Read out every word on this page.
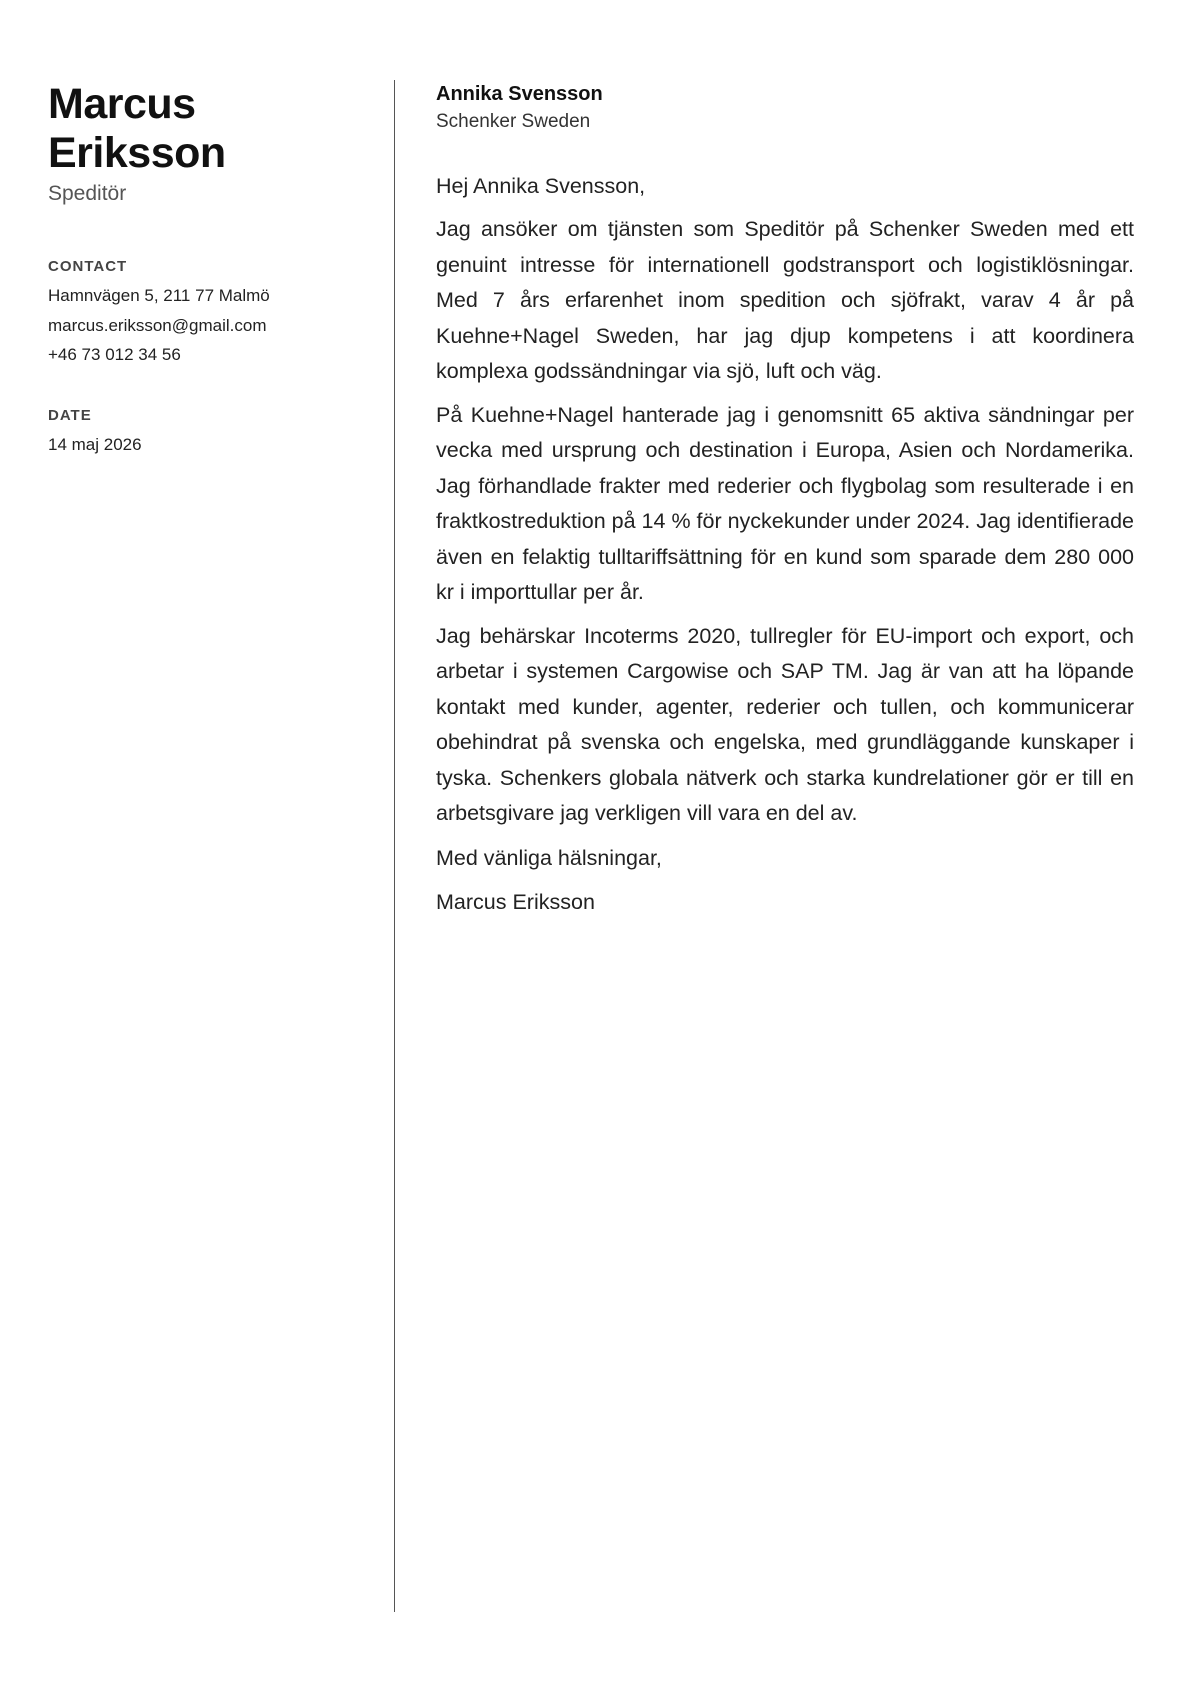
Marcus
Eriksson
Speditör
CONTACT
Hamnvägen 5, 211 77 Malmö
marcus.eriksson@gmail.com
+46 73 012 34 56
DATE
14 maj 2026
Annika Svensson
Schenker Sweden
Hej Annika Svensson,
Jag ansöker om tjänsten som Speditör på Schenker Sweden med ett genuint intresse för internationell godstransport och logistiklösningar. Med 7 års erfarenhet inom spedition och sjöfrakt, varav 4 år på Kuehne+Nagel Sweden, har jag djup kompetens i att koordinera komplexa godssändningar via sjö, luft och väg.
På Kuehne+Nagel hanterade jag i genomsnitt 65 aktiva sändningar per vecka med ursprung och destination i Europa, Asien och Nordamerika. Jag förhandlade frakter med rederier och flygbolag som resulterade i en fraktkostreduktion på 14 % för nyckekunder under 2024. Jag identifierade även en felaktig tulltariffsättning för en kund som sparade dem 280 000 kr i importtullar per år.
Jag behärskar Incoterms 2020, tullregler för EU-import och export, och arbetar i systemen Cargowise och SAP TM. Jag är van att ha löpande kontakt med kunder, agenter, rederier och tullen, och kommunicerar obehindrat på svenska och engelska, med grundläggande kunskaper i tyska. Schenkers globala nätverk och starka kundrelationer gör er till en arbetsgivare jag verkligen vill vara en del av.
Med vänliga hälsningar,
Marcus Eriksson
